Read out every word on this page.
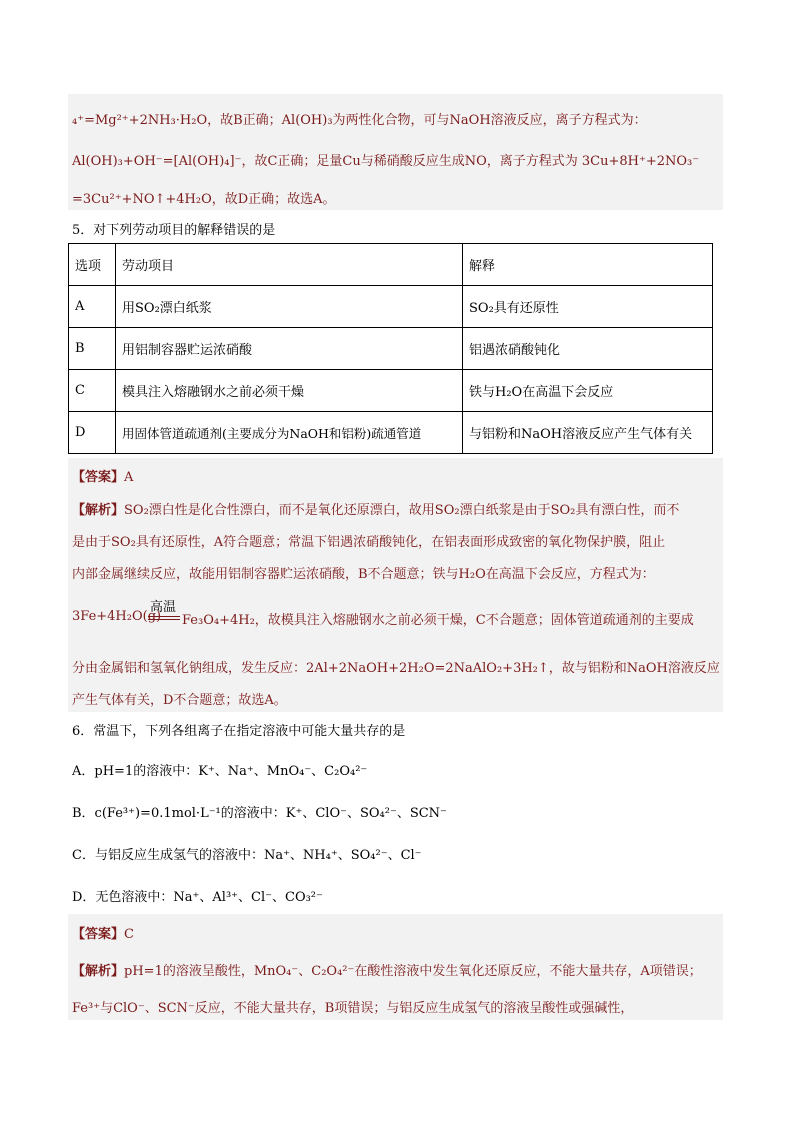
₄⁺=Mg²⁺+2NH₃·H₂O，故B正确；Al(OH)₃为两性化合物，可与NaOH溶液反应，离子方程式为：
Al(OH)₃+OH⁻=[Al(OH)₄]⁻，故C正确；足量Cu与稀硝酸反应生成NO，离子方程式为 3Cu+8H⁺+2NO₃⁻
=3Cu²⁺+NO↑+4H₂O，故D正确；故选A。
5．对下列劳动项目的解释错误的是
选项	劳动项目	解释
A	用SO₂漂白纸浆	SO₂具有还原性
B	用铝制容器贮运浓硝酸	铝遇浓硝酸钝化
C	模具注入熔融钢水之前必须干燥	铁与H₂O在高温下会反应
D	用固体管道疏通剂(主要成分为NaOH和铝粉)疏通管道	与铝粉和NaOH溶液反应产生气体有关
【答案】A
【解析】SO₂漂白性是化合性漂白，而不是氧化还原漂白，故用SO₂漂白纸浆是由于SO₂具有漂白性，而不
是由于SO₂具有还原性，A符合题意；常温下铝遇浓硝酸钝化，在铝表面形成致密的氧化物保护膜，阻止
内部金属继续反应，故能用铝制容器贮运浓硝酸，B不合题意；铁与H₂O在高温下会反应，方程式为：
高温
3Fe+4H₂O(g) Fe₃O₄+4H₂，故模具注入熔融钢水之前必须干燥，C不合题意；固体管道疏通剂的主要成
分由金属铝和氢氧化钠组成，发生反应：2Al+2NaOH+2H₂O=2NaAlO₂+3H₂↑，故与铝粉和NaOH溶液反应
产生气体有关，D不合题意；故选A。
6．常温下，下列各组离子在指定溶液中可能大量共存的是
A．pH=1的溶液中：K⁺、Na⁺、MnO₄⁻、C₂O₄²⁻
B．c(Fe³⁺)=0.1mol·L⁻¹的溶液中：K⁺、ClO⁻、SO₄²⁻、SCN⁻
C．与铝反应生成氢气的溶液中：Na⁺、NH₄⁺、SO₄²⁻、Cl⁻
D．无色溶液中：Na⁺、Al³⁺、Cl⁻、CO₃²⁻
【答案】C
【解析】pH=1的溶液呈酸性，MnO₄⁻、C₂O₄²⁻在酸性溶液中发生氧化还原反应，不能大量共存，A项错误；
Fe³⁺与ClO⁻、SCN⁻反应，不能大量共存，B项错误；与铝反应生成氢气的溶液呈酸性或强碱性，
